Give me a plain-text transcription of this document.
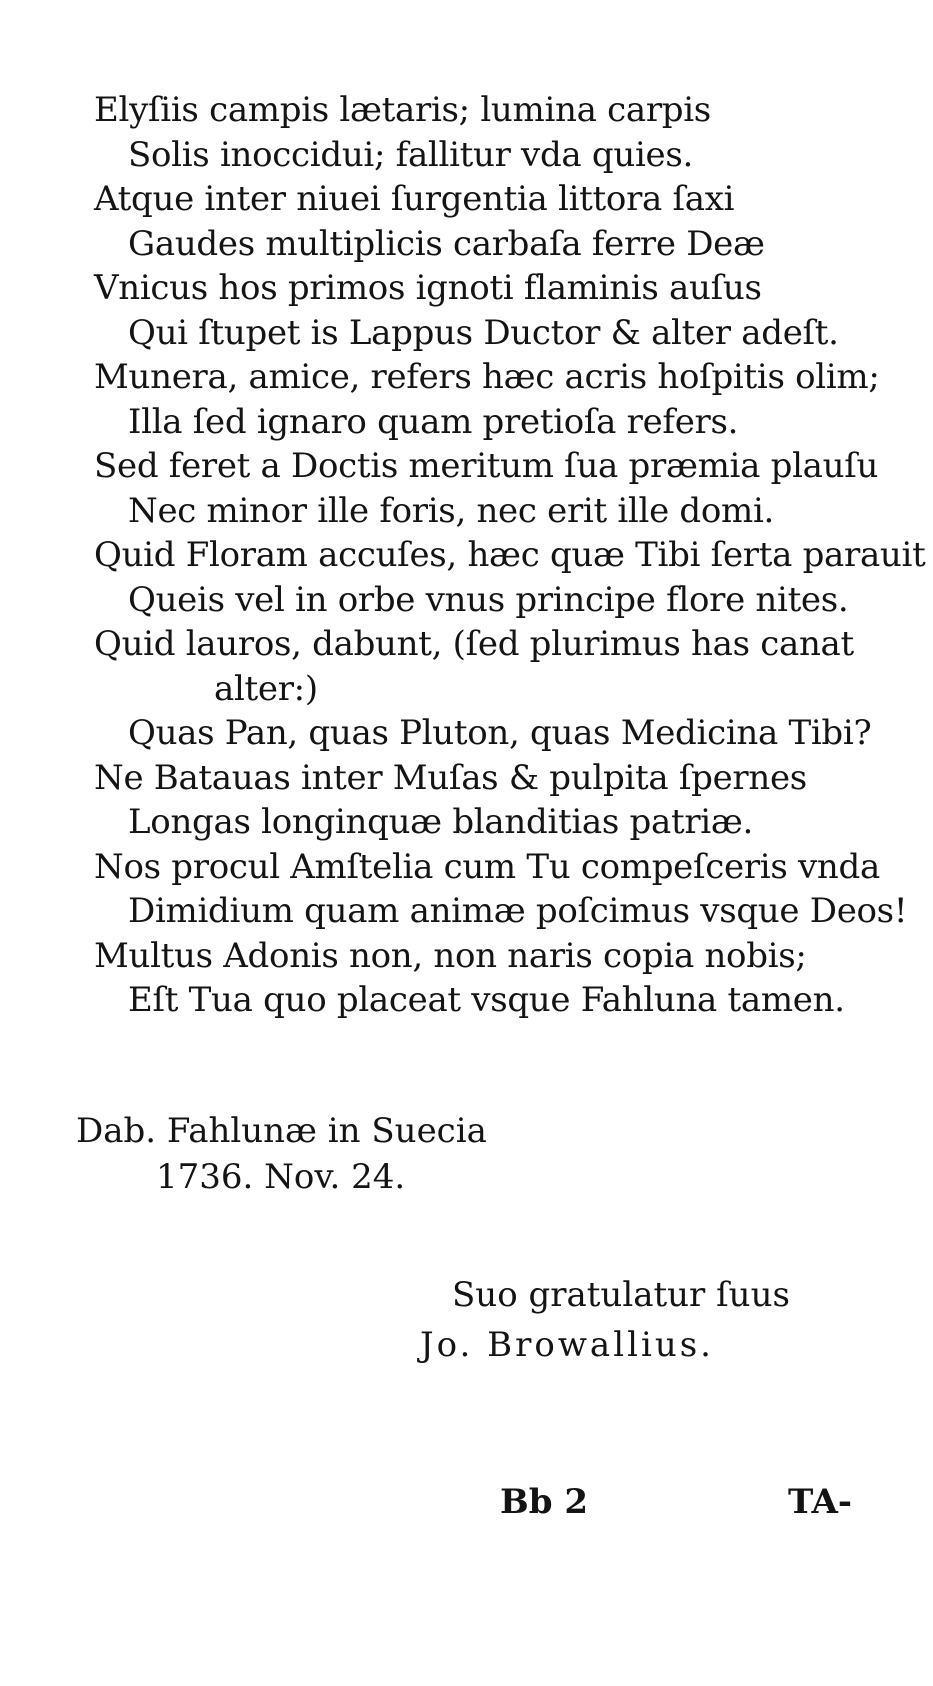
Elyſiis campis lætaris; lumina carpis
Solis inoccidui; fallitur vda quies.
Atque inter niuei ſurgentia littora ſaxi
Gaudes multiplicis carbaſa ferre Deæ
Vnicus hos primos ignoti flaminis auſus
Qui ſtupet is Lappus Ductor & alter adeſt.
Munera, amice, refers hæc acris hoſpitis olim;
Illa ſed ignaro quam pretioſa refers.
Sed feret a Doctis meritum ſua præmia plauſu
Nec minor ille foris, nec erit ille domi.
Quid Floram accuſes, hæc quæ Tibi ſerta parauit
Queis vel in orbe vnus principe flore nites.
Quid lauros, dabunt, (ſed plurimus has canat
alter:)
Quas Pan, quas Pluton, quas Medicina Tibi?
Ne Batauas inter Muſas & pulpita ſpernes
Longas longinquæ blanditias patriæ.
Nos procul Amſtelia cum Tu compeſceris vnda
Dimidium quam animæ poſcimus vsque Deos!
Multus Adonis non, non naris copia nobis;
Eſt Tua quo placeat vsque Fahluna tamen.
Dab. Fahlunæ in Suecia
1736. Nov. 24.
Suo gratulatur ſuus
Jo. Browallius.
Bb 2	TA-
